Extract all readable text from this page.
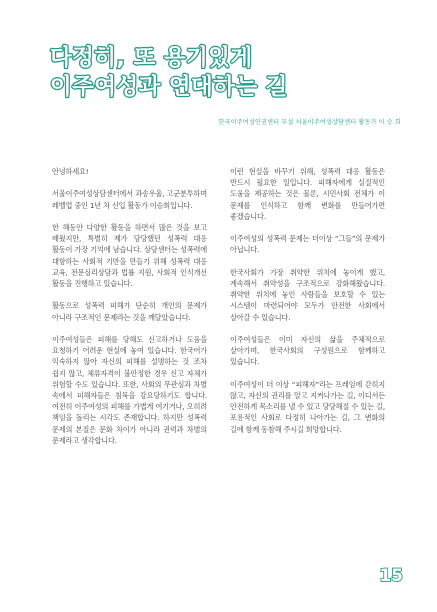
다정히, 또 용기있게
이주여성과 연대하는 길

한국이주여성인권센터 부설 서울이주여성상담센터 활동가 이 승 희

안녕하세요!

서울이주여성상담센터에서 과송우울, 고군분투하며 레벨업 중인 1년 차 신입 활동가 이승희입니다.

한 해동안 다양한 활동을 하면서 많은 것을 보고 배웠지만, 특별히 제가 담당했던 성폭력 대응 활동이 가장 기억에 남습니다. 상담센터는 성폭력에 대항하는 사회적 기반을 만들기 위해 성폭력 대응 교육, 전문심리상담과 법률 지원, 사회적 인식개선 활동을 진행하고 있습니다.

활동으로 성폭력 피해가 단순히 개인의 문제가 아니라 구조적인 문제라는 것을 깨달았습니다.

이주여성들은 피해를 당해도 신고하거나 도움을 요청하기 어려운 현실에 놓여 있습니다. 한국어가 익숙하지 않아 자신의 피해를 설명하는 것 조차 쉽지 않고, 체류자격이 불안정한 경우 신고 자체가 위험할 수도 있습니다. 또한, 사회의 무관심과 차별 속에서 피해자들은 침묵을 강요당하기도 합니다. 여전히 이주여성의 피해를 가볍게 여기거나, 오히려 책임을 돌리는 시각도 존재합니다. 하지만 성폭력 문제의 본질은 문화 차이가 아니라 권력과 차별의 문제라고 생각합니다.

이런 현실을 바꾸기 위해, 성폭력 대응 활동은 반드시 필요한 일입니다. 피해자에게 실질적인 도움을 제공하는 것은 물론, 시민사회 전체가 이 문제를 인식하고 함께 변화를 만들어가면 좋겠습니다.

이주여성의 성폭력 문제는 더이상 “그들”의 문제가 아닙니다.

한국사회가 가장 취약한 위치에 놓이게 했고, 계속해서 취약성을 구조적으로 강화해왔습니다. 취약한 위치에 놓인 사람들을 보호할 수 있는 시스템이 마련되어야 모두가 안전한 사회에서 살아갈 수 있습니다.

이주여성들은 이미 자신의 삶을 주체적으로 살아가며, 한국사회의 구성원으로 함께하고 있습니다.

이주여성이 더 이상 “피해자”라는 프레임에 갇히지 않고, 자신의 권리를 알고 지켜나가는 길, 이디서든 안전하게 목소리를 낼 수 있고 당당해질 수 있는 길, 포용적인 사회로 다정히 나아가는 길, 그 변화의 길에 함께 동참해 주시길 희망합니다.

15
